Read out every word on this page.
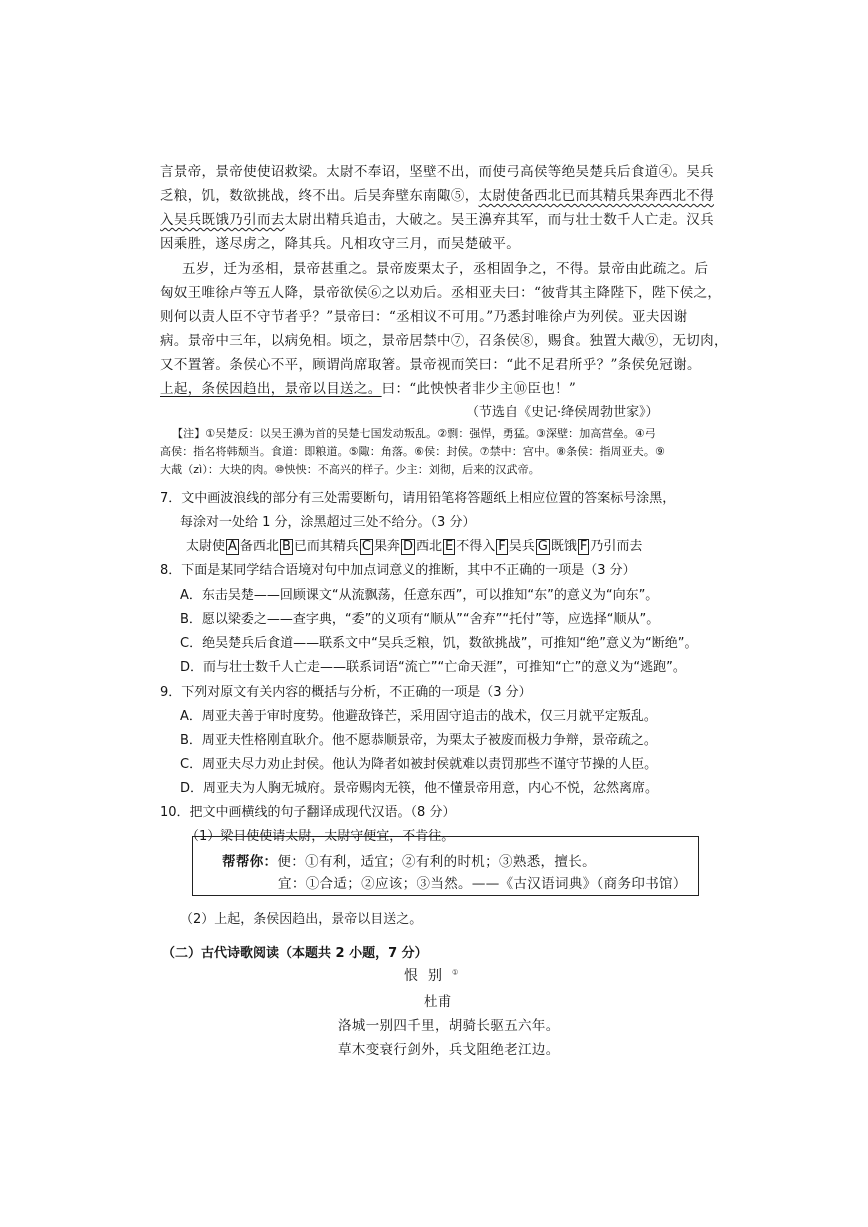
言景帝，景帝使使诏救梁。太尉不奉诏，坚壁不出，而使弓高侯等绝吴楚兵后食道④。吴兵
乏粮，饥，数欲挑战，终不出。后吴奔壁东南陬⑤，太尉使备西北已而其精兵果奔西北不得
入吴兵既饿乃引而去太尉出精兵追击，大破之。吴王濞弃其军，而与壮士数千人亡走。汉兵
因乘胜，遂尽虏之，降其兵。凡相攻守三月，而吴楚破平。
五岁，迁为丞相，景帝甚重之。景帝废栗太子，丞相固争之，不得。景帝由此疏之。后
匈奴王唯徐卢等五人降，景帝欲侯⑥之以劝后。丞相亚夫曰：“彼背其主降陛下，陛下侯之，
则何以责人臣不守节者乎？”景帝曰：“丞相议不可用。”乃悉封唯徐卢为列侯。亚夫因谢
病。景帝中三年，以病免相。顷之，景帝居禁中⑦，召条侯⑧，赐食。独置大胾⑨，无切肉，
又不置箸。条侯心不平，顾谓尚席取箸。景帝视而笑曰：“此不足君所乎？”条侯免冠谢。
上起，条侯因趋出，景帝以目送之。曰：“此怏怏者非少主⑩臣也！”
（节选自《史记·绛侯周勃世家》）
【注】①吴楚反：以吴王濞为首的吴楚七国发动叛乱。②剽：强悍，勇猛。③深壁：加高营垒。④弓
高侯：指名将韩颓当。食道：即粮道。⑤陬：角落。⑥侯：封侯。⑦禁中：宫中。⑧条侯：指周亚夫。⑨
大胾（zì）：大块的肉。⑩怏怏：不高兴的样子。少主：刘彻，后来的汉武帝。
7．文中画波浪线的部分有三处需要断句，请用铅笔将答题纸上相应位置的答案标号涂黑，
每涂对一处给 1 分，涂黑超过三处不给分。（3 分）
太尉使 A 备西北 B 已而其精兵 C 果奔 D 西北 E 不得入 F 吴兵 G 既饿 F 乃引而去
8．下面是某同学结合语境对句中加点词意义的推断，其中不正确的一项是（3 分）
A．东击吴楚——回顾课文“从流飘荡，任意东西”，可以推知“东”的意义为“向东”。
B．愿以梁委之——查字典，“委”的义项有“顺从”“舍弃”“托付”等，应选择“顺从”。
C．绝吴楚兵后食道——联系文中“吴兵乏粮，饥，数欲挑战”，可推知“绝”意义为“断绝”。
D．而与壮士数千人亡走——联系词语“流亡”“亡命天涯”，可推知“亡”的意义为“逃跑”。
9．下列对原文有关内容的概括与分析，不正确的一项是（3 分）
A．周亚夫善于审时度势。他避敌锋芒，采用固守追击的战术，仅三月就平定叛乱。
B．周亚夫性格刚直耿介。他不愿恭顺景帝，为栗太子被废而极力争辩，景帝疏之。
C．周亚夫尽力劝止封侯。他认为降者如被封侯就难以责罚那些不谨守节操的人臣。
D．周亚夫为人胸无城府。景帝赐肉无筷，他不懂景帝用意，内心不悦，忿然离席。
10．把文中画横线的句子翻译成现代汉语。（8 分）
（1）梁日使使请太尉，太尉守便宜，不肯往。
帮帮你：便：①有利，适宜；②有利的时机；③熟悉，擅长。
宜：①合适；②应该；③当然。——《古汉语词典》（商务印书馆）
（2）上起，条侯因趋出，景帝以目送之。
（二）古代诗歌阅读（本题共 2 小题，7 分）
恨别①
杜甫
洛城一别四千里，胡骑长驱五六年。
草木变衰行剑外，兵戈阻绝老江边。
